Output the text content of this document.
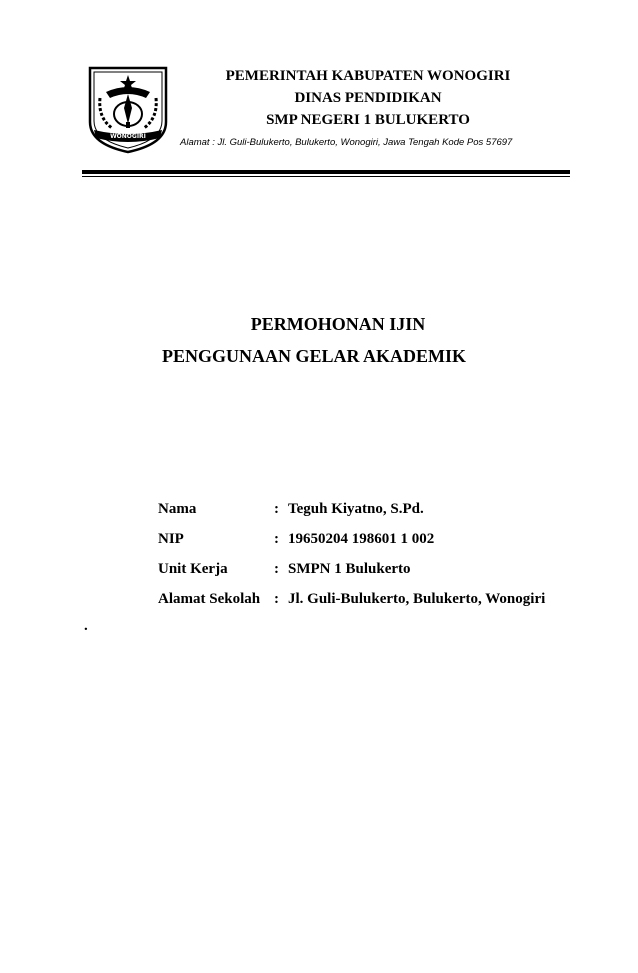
WONOGIRI
PEMERINTAH KABUPATEN WONOGIRI
DINAS PENDIDIKAN
SMP NEGERI 1 BULUKERTO
Alamat : Jl. Guli-Bulukerto, Bulukerto, Wonogiri, Jawa Tengah Kode Pos 57697
PERMOHONAN IJIN
PENGGUNAAN GELAR AKADEMIK
Nama	: Teguh Kiyatno, S.Pd.
NIP	: 19650204 198601 1 002
Unit Kerja	: SMPN 1 Bulukerto
Alamat Sekolah : Jl. Guli-Bulukerto, Bulukerto, Wonogiri
.
